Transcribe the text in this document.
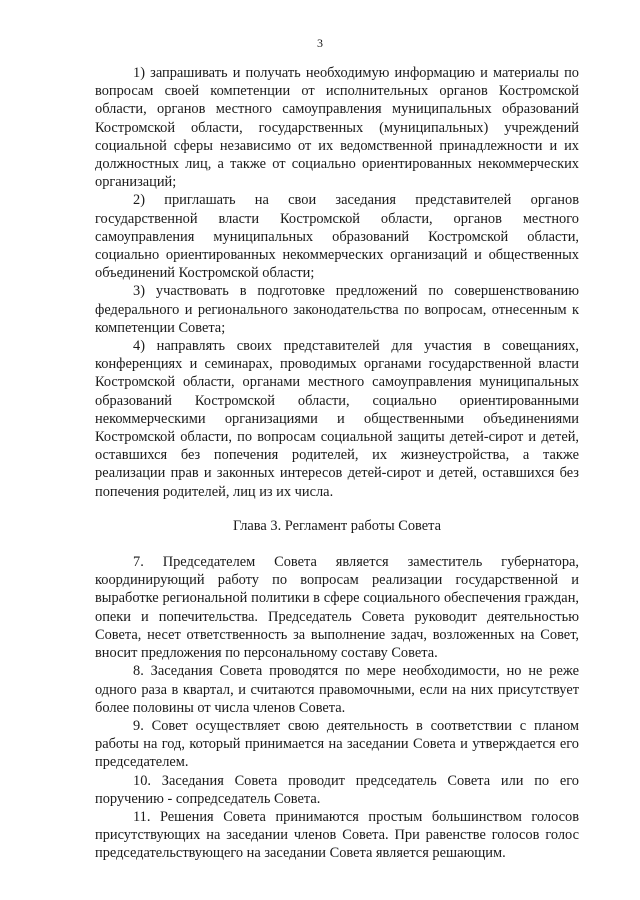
3

1) запрашивать и получать необходимую информацию и материалы по вопросам своей компетенции от исполнительных органов Костромской области, органов местного самоуправления муниципальных образований Костромской области, государственных (муниципальных) учреждений социальной сферы независимо от их ведомственной принадлежности и их должностных лиц, а также от социально ориентированных некоммерческих организаций;

2) приглашать на свои заседания представителей органов государственной власти Костромской области, органов местного самоуправления муниципальных образований Костромской области, социально ориентированных некоммерческих организаций и общественных объединений Костромской области;

3) участвовать в подготовке предложений по совершенствованию федерального и регионального законодательства по вопросам, отнесенным к компетенции Совета;

4) направлять своих представителей для участия в совещаниях, конференциях и семинарах, проводимых органами государственной власти Костромской области, органами местного самоуправления муниципальных образований Костромской области, социально ориентированными некоммерческими организациями и общественными объединениями Костромской области, по вопросам социальной защиты детей-сирот и детей, оставшихся без попечения родителей, их жизнеустройства, а также реализации прав и законных интересов детей-сирот и детей, оставшихся без попечения родителей, лиц из их числа.

Глава 3. Регламент работы Совета

7. Председателем Совета является заместитель губернатора, координирующий работу по вопросам реализации государственной и выработке региональной политики в сфере социального обеспечения граждан, опеки и попечительства. Председатель Совета руководит деятельностью Совета, несет ответственность за выполнение задач, возложенных на Совет, вносит предложения по персональному составу Совета.

8. Заседания Совета проводятся по мере необходимости, но не реже одного раза в квартал, и считаются правомочными, если на них присутствует более половины от числа членов Совета.

9. Совет осуществляет свою деятельность в соответствии с планом работы на год, который принимается на заседании Совета и утверждается его председателем.

10. Заседания Совета проводит председатель Совета или по его поручению - сопредседатель Совета.

11. Решения Совета принимаются простым большинством голосов присутствующих на заседании членов Совета. При равенстве голосов голос председательствующего на заседании Совета является решающим.
